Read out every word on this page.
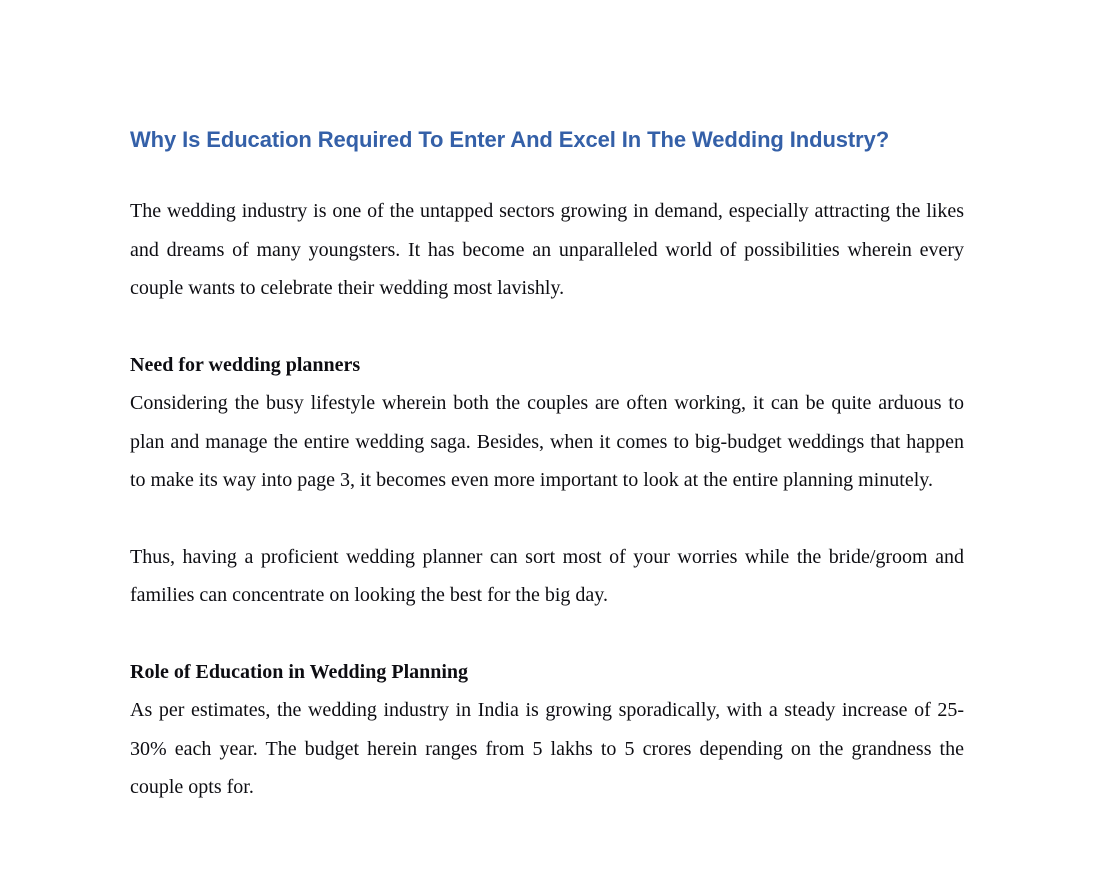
Why Is Education Required To Enter And Excel In The Wedding Industry?

The wedding industry is one of the untapped sectors growing in demand, especially attracting the likes and dreams of many youngsters. It has become an unparalleled world of possibilities wherein every couple wants to celebrate their wedding most lavishly.

Need for wedding planners

Considering the busy lifestyle wherein both the couples are often working, it can be quite arduous to plan and manage the entire wedding saga. Besides, when it comes to big-budget weddings that happen to make its way into page 3, it becomes even more important to look at the entire planning minutely.

Thus, having a proficient wedding planner can sort most of your worries while the bride/groom and families can concentrate on looking the best for the big day.

Role of Education in Wedding Planning

As per estimates, the wedding industry in India is growing sporadically, with a steady increase of 25-30% each year. The budget herein ranges from 5 lakhs to 5 crores depending on the grandness the couple opts for.
